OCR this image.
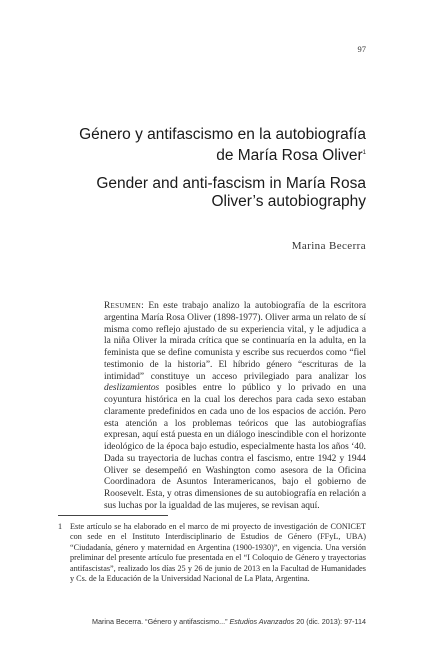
97
Género y antifascismo en la autobiografía de María Rosa Oliver$^1$
Gender and anti-fascism in María Rosa Oliver’s autobiography
Marina Becerra
Resumen: En este trabajo analizo la autobiografía de la escritora argentina María Rosa Oliver (1898-1977). Oliver arma un relato de sí misma como reflejo ajustado de su experiencia vital, y le adjudica a la niña Oliver la mirada crítica que se continuaría en la adulta, en la feminista que se define comunista y escribe sus recuerdos como “fiel testimonio de la historia”. El híbrido género “escrituras de la intimidad” constituye un acceso privilegiado para analizar los deslizamientos posibles entre lo público y lo privado en una coyuntura histórica en la cual los derechos para cada sexo estaban claramente predefinidos en cada uno de los espacios de acción. Pero esta atención a los problemas teóricos que las autobiografías expresan, aquí está puesta en un diálogo inescindible con el horizonte ideológico de la época bajo estudio, especialmente hasta los años ‘40. Dada su trayectoria de luchas contra el fascismo, entre 1942 y 1944 Oliver se desempeñó en Washington como asesora de la Oficina Coordinadora de Asuntos Interamericanos, bajo el gobierno de Roosevelt. Esta, y otras dimensiones de su autobiografía en relación a sus luchas por la igualdad de las mujeres, se revisan aquí.
1 Este artículo se ha elaborado en el marco de mi proyecto de investigación de CONICET con sede en el Instituto Interdisciplinario de Estudios de Género (FFyL, UBA) “Ciudadanía, género y maternidad en Argentina (1900-1930)”, en vigencia. Una versión preliminar del presente artículo fue presentada en el “I Coloquio de Género y trayectorias antifascistas”, realizado los días 25 y 26 de junio de 2013 en la Facultad de Humanidades y Cs. de la Educación de la Universidad Nacional de La Plata, Argentina.
Marina Becerra. “Género y antifascismo...” Estudios Avanzados 20 (dic. 2013): 97-114
